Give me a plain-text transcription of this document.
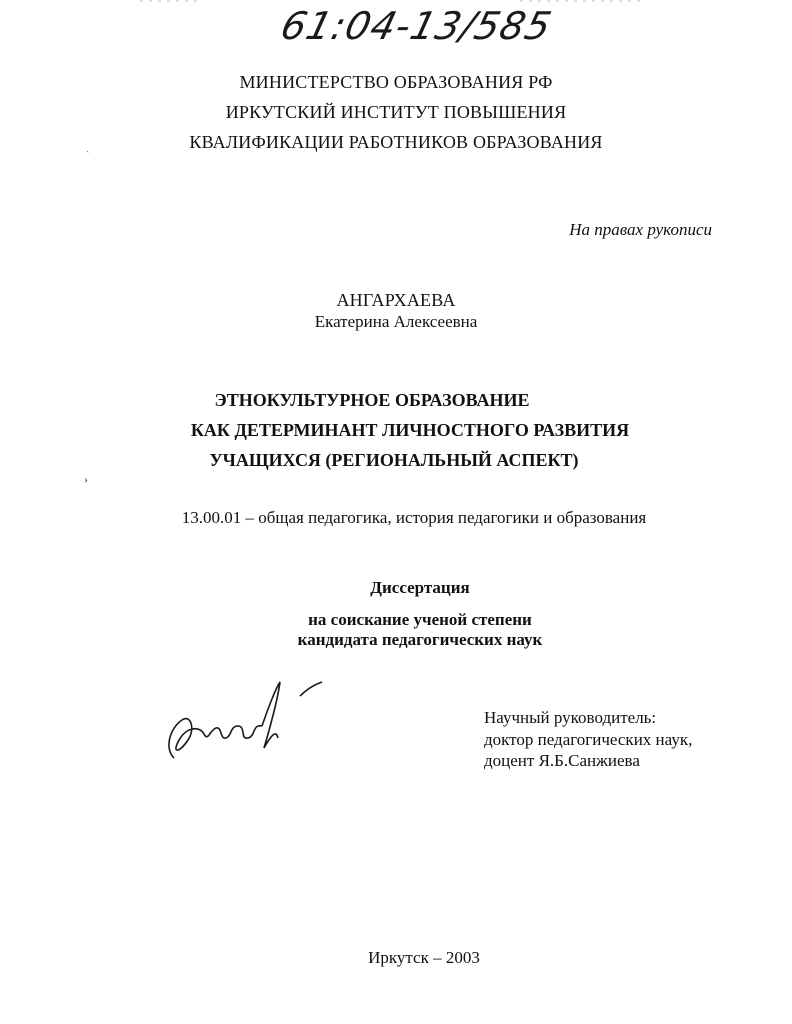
61:04-13/585
МИНИСТЕРСТВО ОБРАЗОВАНИЯ РФ
ИРКУТСКИЙ ИНСТИТУТ ПОВЫШЕНИЯ
КВАЛИФИКАЦИИ РАБОТНИКОВ ОБРАЗОВАНИЯ
ˎ
На правах рукописи
АНГАРХАЕВА
Екатерина Алексеевна
ЭТНОКУЛЬТУРНОЕ ОБРАЗОВАНИЕ
КАК ДЕТЕРМИНАНТ ЛИЧНОСТНОГО РАЗВИТИЯ
УЧАЩИХСЯ (РЕГИОНАЛЬНЫЙ АСПЕКТ)
›
13.00.01 – общая педагогика, история педагогики и образования
Диссертация
на соискание ученой степени
кандидата педагогических наук
Научный руководитель:
доктор педагогических наук,
доцент Я.Б.Санжиева
Иркутск – 2003
